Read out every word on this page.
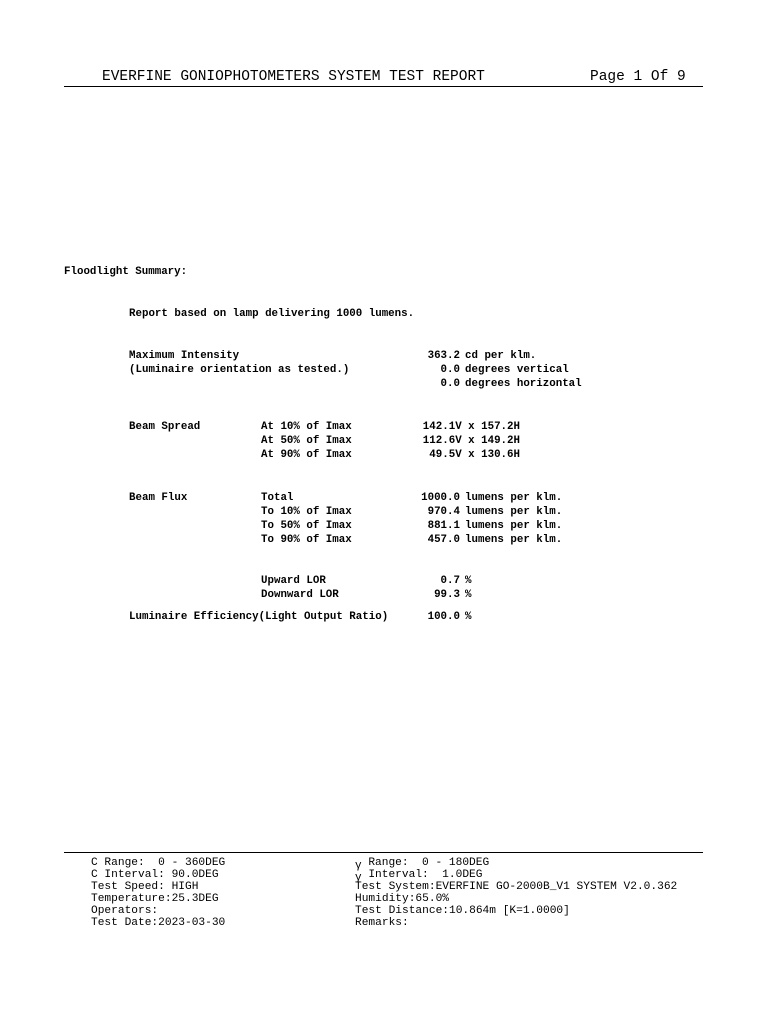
EVERFINE GONIOPHOTOMETERS SYSTEM TEST REPORT	Page 1 Of 9
Floodlight Summary:
Report based on lamp delivering 1000 lumens.
Maximum Intensity	363.2 cd per klm.
(Luminaire orientation as tested.)	0.0 degrees vertical
0.0 degrees horizontal
Beam Spread	At 10% of Imax	142.1V x 157.2H
At 50% of Imax	112.6V x 149.2H
At 90% of Imax	49.5V x 130.6H
Beam Flux	Total	1000.0 lumens per klm.
To 10% of Imax	970.4 lumens per klm.
To 50% of Imax	881.1 lumens per klm.
To 90% of Imax	457.0 lumens per klm.
Upward LOR	0.7 %
Downward LOR	99.3 %
Luminaire Efficiency(Light Output Ratio)	100.0 %
C Range:  0 - 360DEG
C Interval: 90.0DEG
Test Speed: HIGH
Temperature:25.3DEG
Operators:
Test Date:2023-03-30
γ Range:  0 - 180DEG
γ Interval:  1.0DEG
Test System:EVERFINE GO-2000B_V1 SYSTEM V2.0.362
Humidity:65.0%
Test Distance:10.864m [K=1.0000]
Remarks:
